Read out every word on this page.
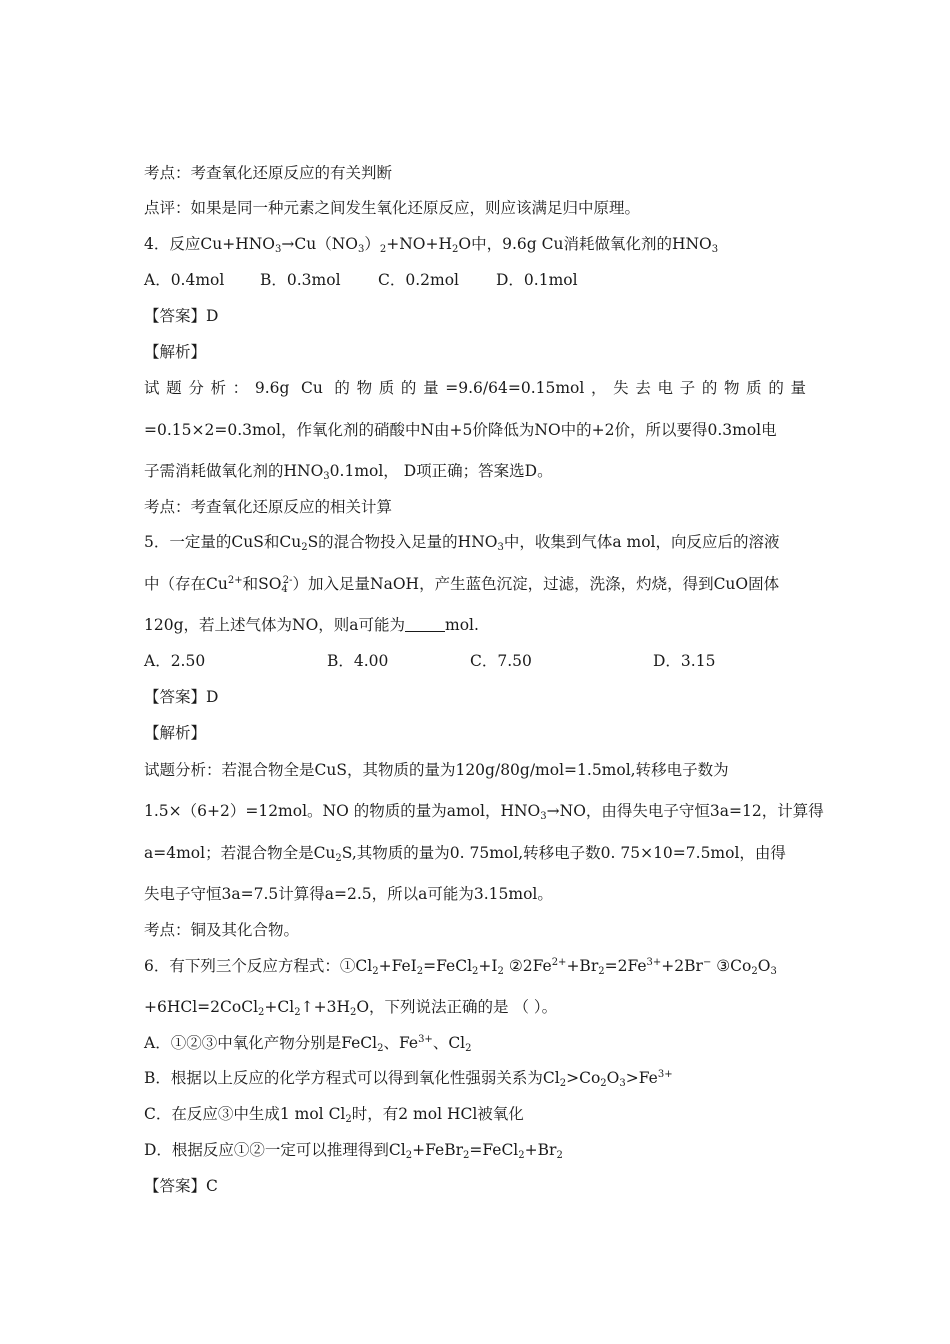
考点：考查氧化还原反应的有关判断
点评：如果是同一种元素之间发生氧化还原反应，则应该满足归中原理。
4．反应$Cu+HNO_3\to Cu(NO_3)_2+NO+H_2O$中，9.6g Cu消耗做氧化剂的$HNO_3$
A．0.4mol B．0.3mol C．0.2mol D．0.1mol
【答案】D
【解析】
试题分析：9.6g Cu 的物质的量=9.6/64=0.15mol，失去电子的物质的量
=0.15×2=0.3mol，作氧化剂的硝酸中N由+5价降低为NO中的+2价，所以要得0.3mol电
子需消耗做氧化剂的$HNO_30.1mol$， D项正确；答案选D。
考点：考查氧化还原反应的相关计算
5．一定量的CuS和$Cu_2S$的混合物投入足量的$HNO_3$中，收集到气体a mol，向反应后的溶液
中（存在$Cu^{2+}$和$SO_4^{2-}$）加入足量NaOH，产生蓝色沉淀，过滤，洗涤，灼烧，得到CuO固体
120g，若上述气体为NO，则a可能为	mol.
A．2.50	B．4.00	C．7.50	D．3.15
【答案】D
【解析】
试题分析：若混合物全是CuS，其物质的量为120g/80g/mol=1.5mol,转移电子数为
1.5×（6+2）=12mol。NO 的物质的量为amol，$HNO_3\to NO$，由得失电子守恒3a=12，计算得
a=4mol；若混合物全是$Cu_2S$,其物质的量为0. 75mol,转移电子数0. 75×10=7.5mol，由得
失电子守恒3a=7.5计算得a=2.5，所以a可能为3.15mol。
考点：铜及其化合物。
6．有下列三个反应方程式：$①Cl_2+FeI_2=FeCl_2+I_2$ $②2Fe^{2+}+Br_2=2Fe^{3+}+2Br^-$ $③Co_2O_3$
$+6HCl=2CoCl_2+Cl_2↑+3H_2O$，下列说法正确的是 （ ）。
A．①②③中氧化产物分别是FeCl$_2$、$Fe^{3+}$、$Cl_2$
B．根据以上反应的化学方程式可以得到氧化性强弱关系为$Cl_2>Co_2O_3>Fe^{3+}$
C．在反应③中生成1 mol $Cl_2$时，有2 mol HCl被氧化
D．根据反应①②一定可以推理得到$Cl_2+FeBr_2=FeCl_2+Br_2$
【答案】C
